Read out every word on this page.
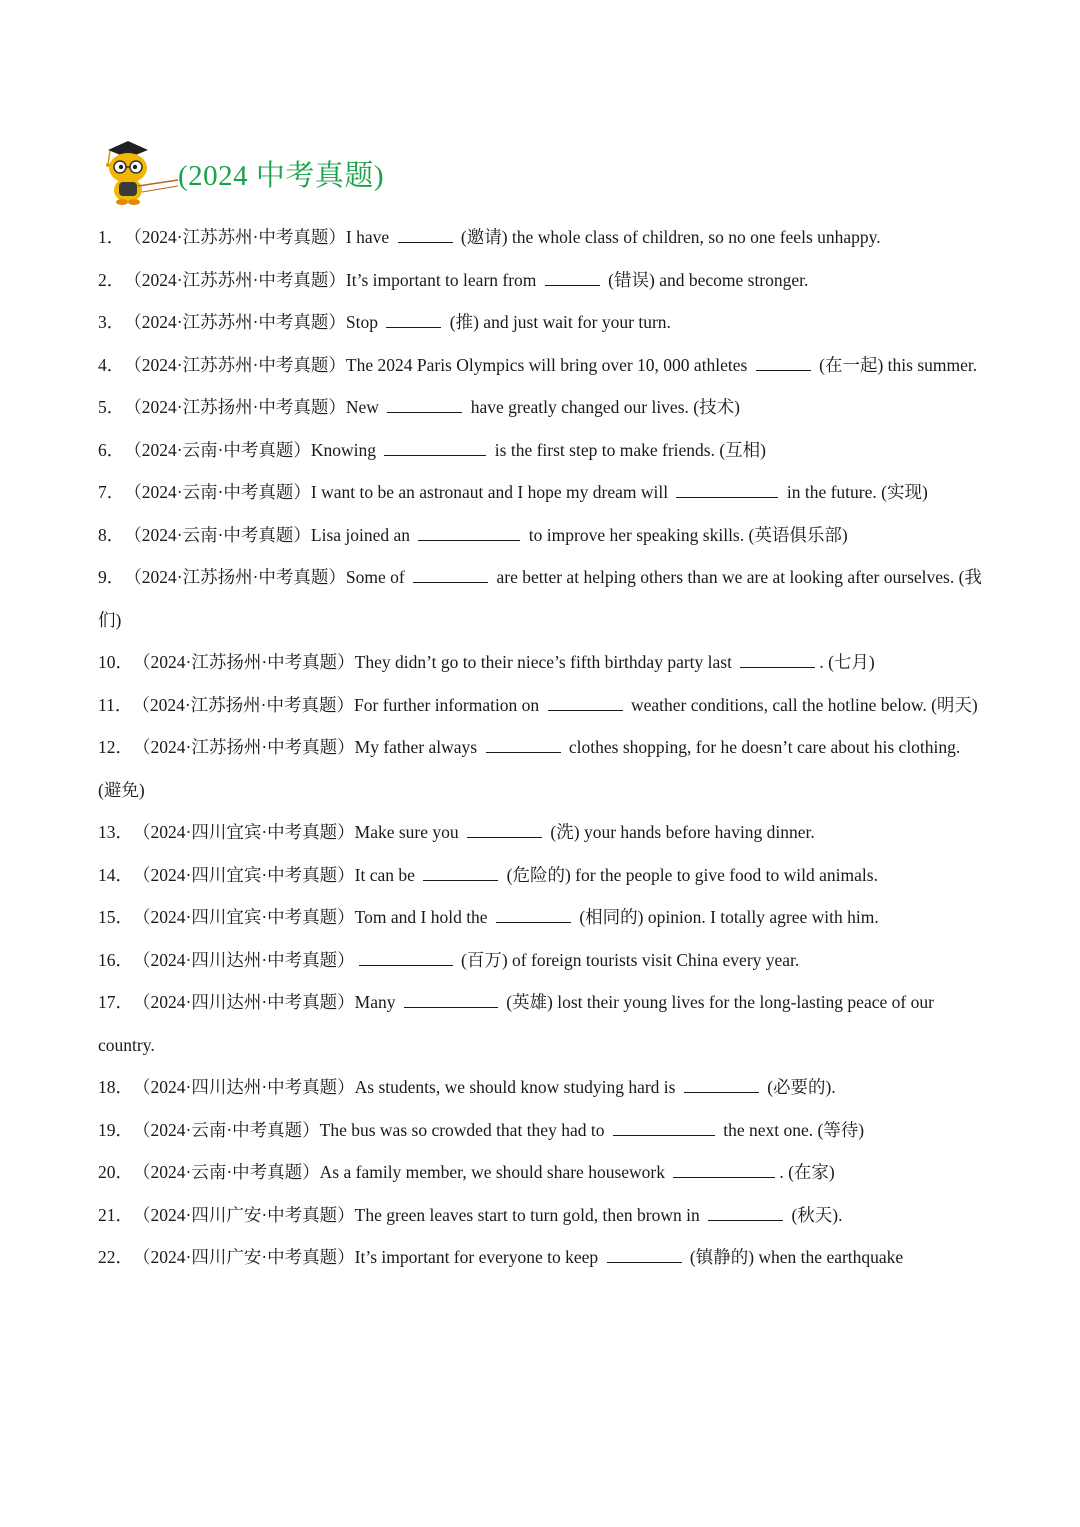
(2024 中考真题)

1．（2024·江苏苏州·中考真题）I have	(邀请) the whole class of children, so no one feels unhappy.

2．（2024·江苏苏州·中考真题）It’s important to learn from	(错误) and become stronger.

3．（2024·江苏苏州·中考真题）Stop	(推) and just wait for your turn.

4．（2024·江苏苏州·中考真题）The 2024 Paris Olympics will bring over 10, 000 athletes	(在一起) this summer.

5．（2024·江苏扬州·中考真题）New	have greatly changed our lives. (技术)

6．（2024·云南·中考真题）Knowing	is the first step to make friends. (互相)

7．（2024·云南·中考真题）I want to be an astronaut and I hope my dream will	in the future. (实现)

8．（2024·云南·中考真题）Lisa joined an	to improve her speaking skills. (英语俱乐部)

9．（2024·江苏扬州·中考真题）Some of	are better at helping others than we are at looking after ourselves. (我们)

10．（2024·江苏扬州·中考真题）They didn’t go to their niece’s fifth birthday party last	. (七月)

11．（2024·江苏扬州·中考真题）For further information on	weather conditions, call the hotline below. (明天)

12．（2024·江苏扬州·中考真题）My father always	clothes shopping, for he doesn’t care about his clothing. (避免)

13．（2024·四川宜宾·中考真题）Make sure you	(洗) your hands before having dinner.

14．（2024·四川宜宾·中考真题）It can be	(危险的) for the people to give food to wild animals.

15．（2024·四川宜宾·中考真题）Tom and I hold the	(相同的) opinion. I totally agree with him.

16．（2024·四川达州·中考真题）	(百万) of foreign tourists visit China every year.

17．（2024·四川达州·中考真题）Many	(英雄) lost their young lives for the long-lasting peace of our country.

18．（2024·四川达州·中考真题）As students, we should know studying hard is	(必要的).

19．（2024·云南·中考真题）The bus was so crowded that they had to	the next one. (等待)

20．（2024·云南·中考真题）As a family member, we should share housework	. (在家)

21．（2024·四川广安·中考真题）The green leaves start to turn gold, then brown in	(秋天).

22．（2024·四川广安·中考真题）It’s important for everyone to keep	(镇静的) when the earthquake
